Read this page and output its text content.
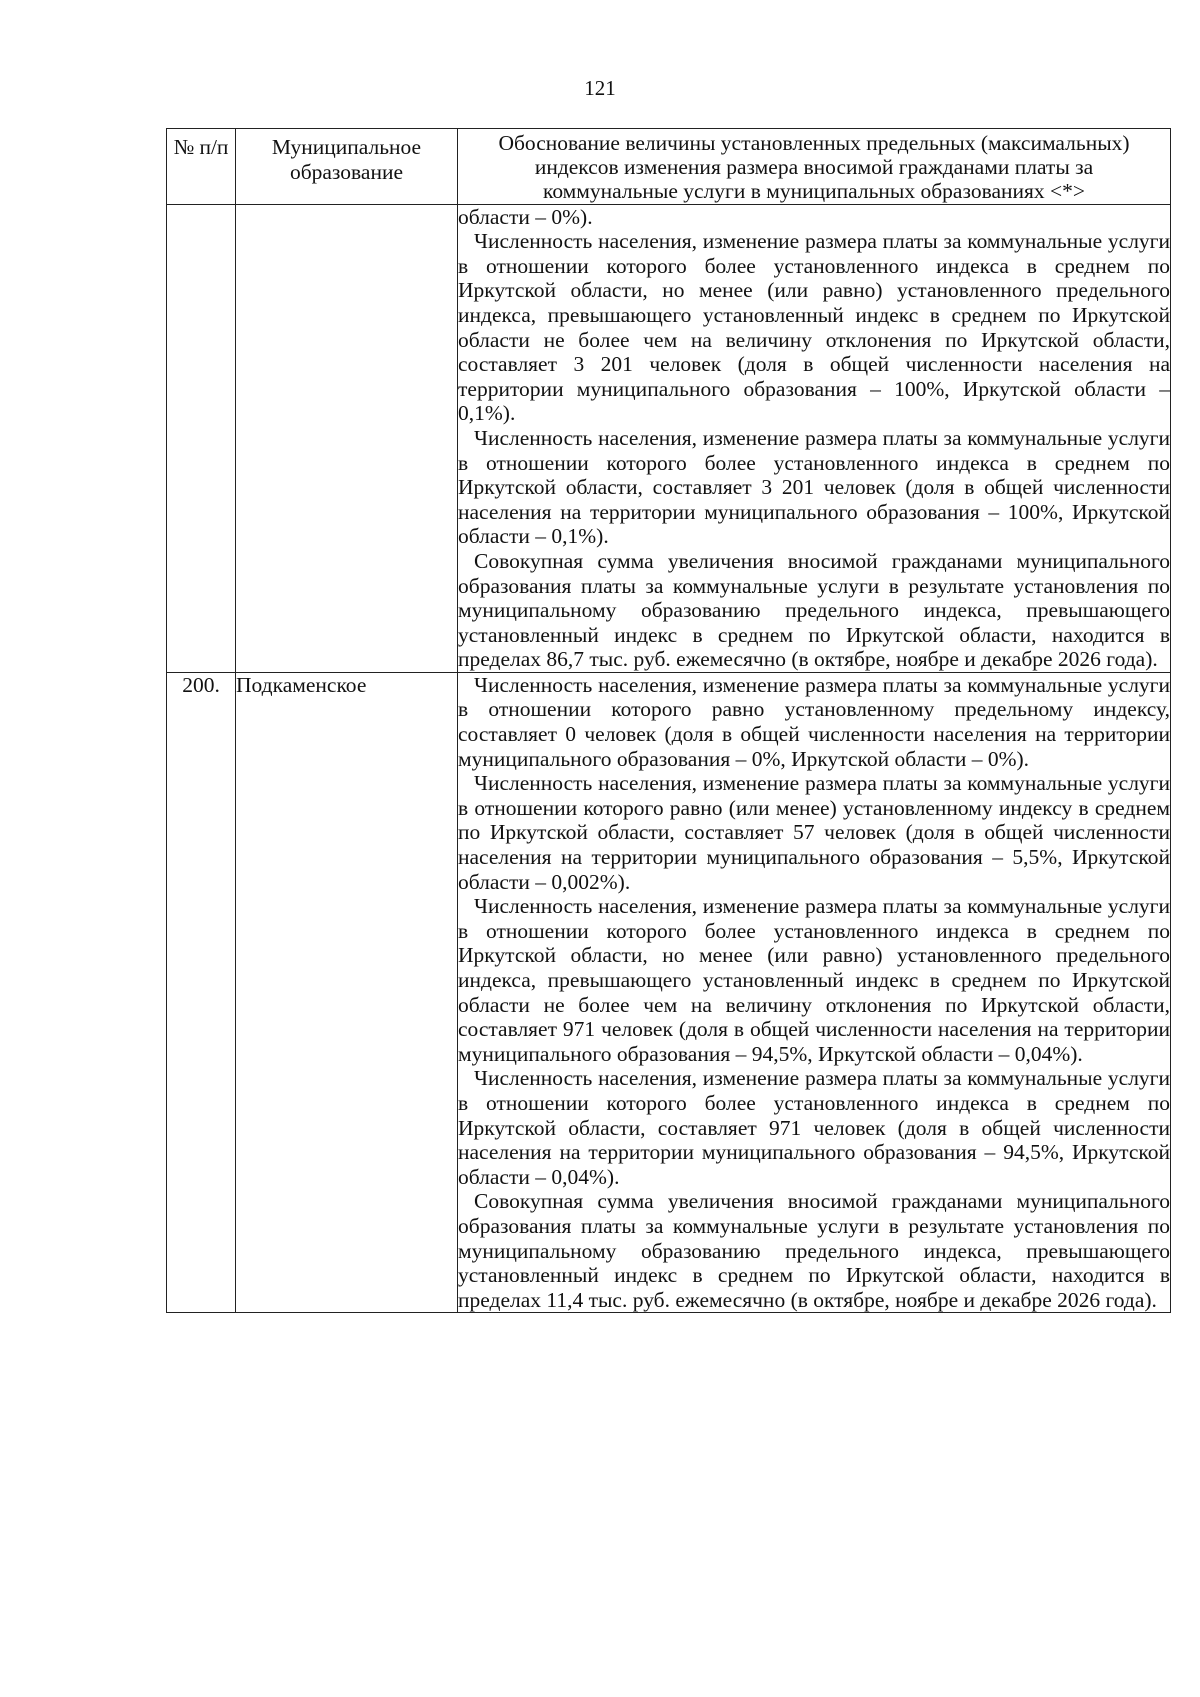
121
№ п/п	Муниципальное образование	Обоснование величины установленных предельных (максимальных) индексов изменения размера вносимой гражданами платы за коммунальные услуги в муниципальных образованиях <*>

		области – 0%).
Численность населения, изменение размера платы за коммунальные услуги в отношении которого более установленного индекса в среднем по Иркутской области, но менее (или равно) установленного предельного индекса, превышающего установленный индекс в среднем по Иркутской области не более чем на величину отклонения по Иркутской области, составляет 3 201 человек (доля в общей численности населения на территории муниципального образования – 100%, Иркутской области – 0,1%).
Численность населения, изменение размера платы за коммунальные услуги в отношении которого более установленного индекса в среднем по Иркутской области, составляет 3 201 человек (доля в общей численности населения на территории муниципального образования – 100%, Иркутской области – 0,1%).
Совокупная сумма увеличения вносимой гражданами муниципального образования платы за коммунальные услуги в результате установления по муниципальному образованию предельного индекса, превышающего установленный индекс в среднем по Иркутской области, находится в пределах 86,7 тыс. руб. ежемесячно (в октябре, ноябре и декабре 2026 года).

200.	Подкаменское	Численность населения, изменение размера платы за коммунальные услуги в отношении которого равно установленному предельному индексу, составляет 0 человек (доля в общей численности населения на территории муниципального образования – 0%, Иркутской области – 0%).
Численность населения, изменение размера платы за коммунальные услуги в отношении которого равно (или менее) установленному индексу в среднем по Иркутской области, составляет 57 человек (доля в общей численности населения на территории муниципального образования – 5,5%, Иркутской области – 0,002%).
Численность населения, изменение размера платы за коммунальные услуги в отношении которого более установленного индекса в среднем по Иркутской области, но менее (или равно) установленного предельного индекса, превышающего установленный индекс в среднем по Иркутской области не более чем на величину отклонения по Иркутской области, составляет 971 человек (доля в общей численности населения на территории муниципального образования – 94,5%, Иркутской области – 0,04%).
Численность населения, изменение размера платы за коммунальные услуги в отношении которого более установленного индекса в среднем по Иркутской области, составляет 971 человек (доля в общей численности населения на территории муниципального образования – 94,5%, Иркутской области – 0,04%).
Совокупная сумма увеличения вносимой гражданами муниципального образования платы за коммунальные услуги в результате установления по муниципальному образованию предельного индекса, превышающего установленный индекс в среднем по Иркутской области, находится в пределах 11,4 тыс. руб. ежемесячно (в октябре, ноябре и декабре 2026 года).
